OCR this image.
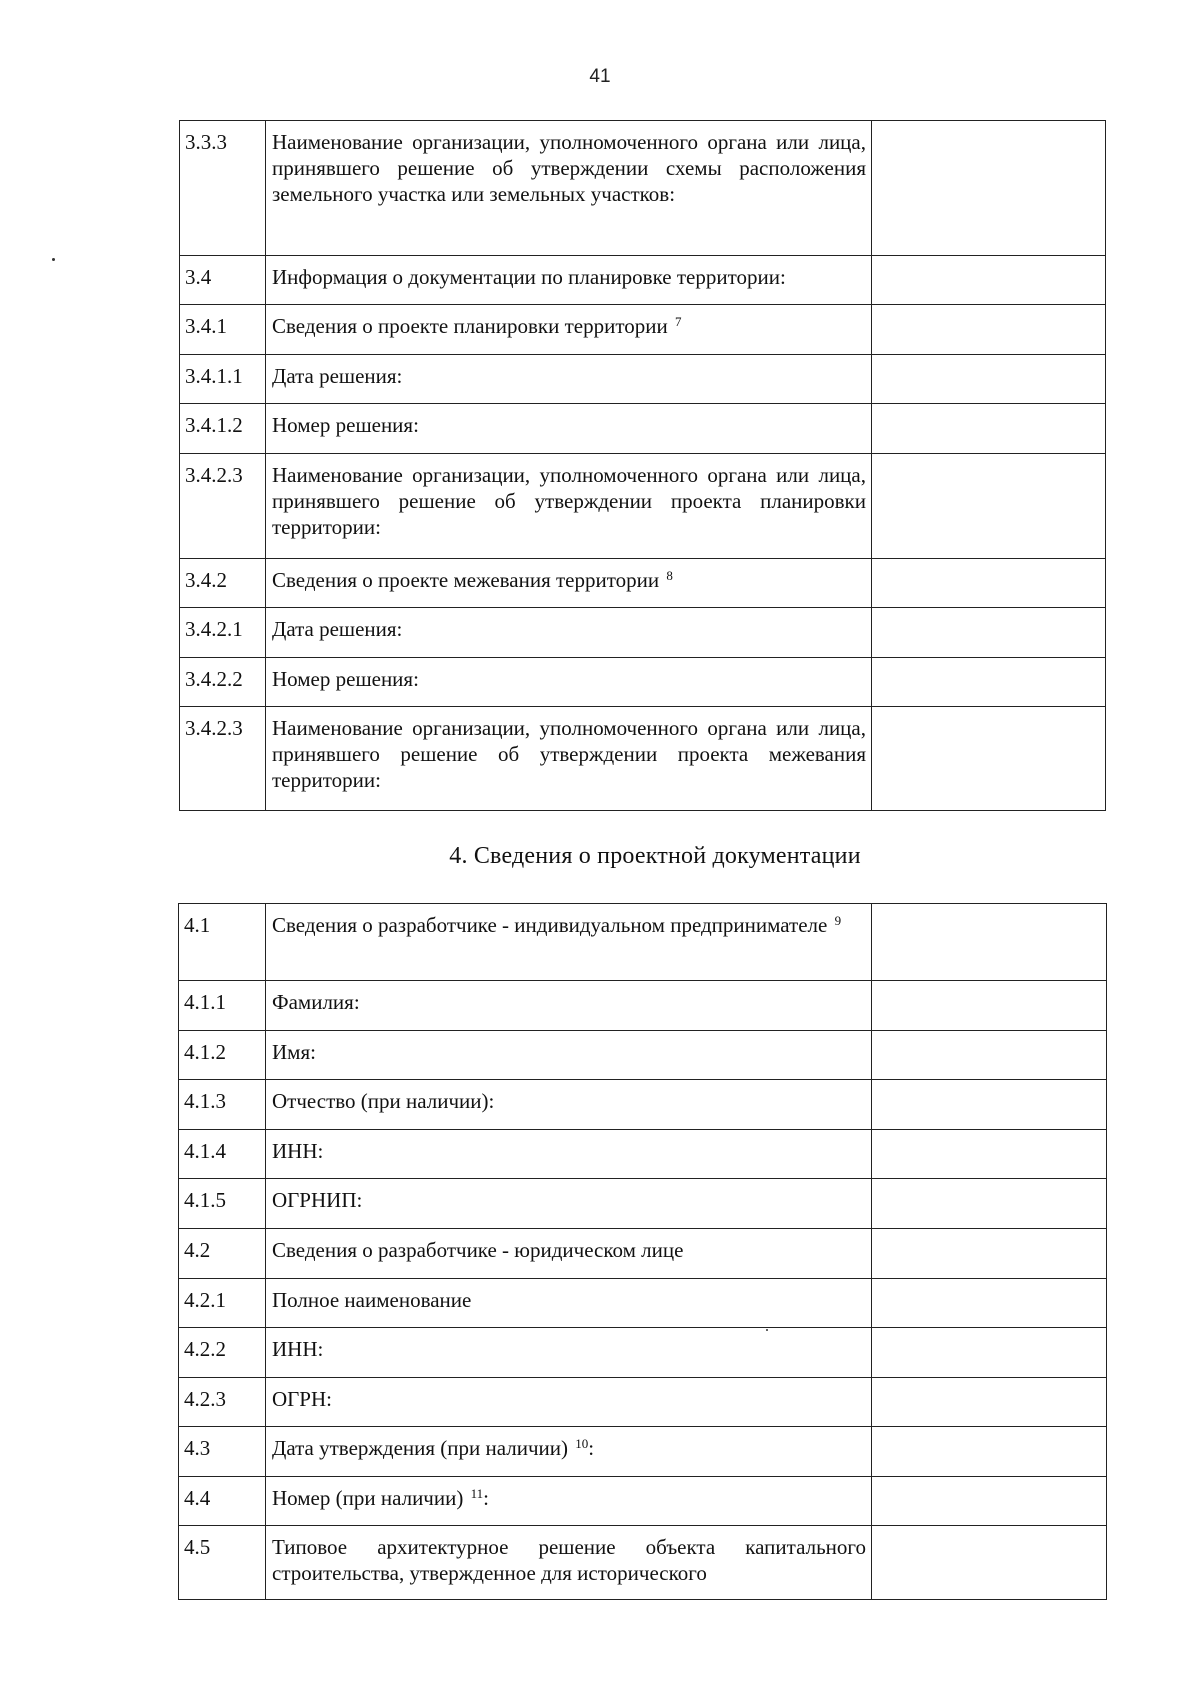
41
3.3.3	Наименование организации, уполномоченного органа или лица, принявшего решение об утверждении схемы расположения земельного участка или земельных участков:	
3.4	Информация о документации по планировке территории:	
3.4.1	Сведения о проекте планировки территории $^7$	
3.4.1.1	Дата решения:	
3.4.1.2	Номер решения:	
3.4.2.3	Наименование организации, уполномоченного органа или лица, принявшего решение об утверждении проекта планировки территории:	
3.4.2	Сведения о проекте межевания территории $^8$	
3.4.2.1	Дата решения:	
3.4.2.2	Номер решения:	
3.4.2.3	Наименование организации, уполномоченного органа или лица, принявшего решение об утверждении проекта межевания территории:	
4. Сведения о проектной документации
4.1	Сведения о разработчике - индивидуальном предпринимателе $^9$	
4.1.1	Фамилия:	
4.1.2	Имя:	
4.1.3	Отчество (при наличии):	
4.1.4	ИНН:	
4.1.5	ОГРНИП:	
4.2	Сведения о разработчике - юридическом лице	
4.2.1	Полное наименование	
4.2.2	ИНН:	
4.2.3	ОГРН:	
4.3	Дата утверждения (при наличии) $^{10}$:	
4.4	Номер (при наличии) $^{11}$:	
4.5	Типовое архитектурное решение объекта капитального строительства, утвержденное для исторического	
